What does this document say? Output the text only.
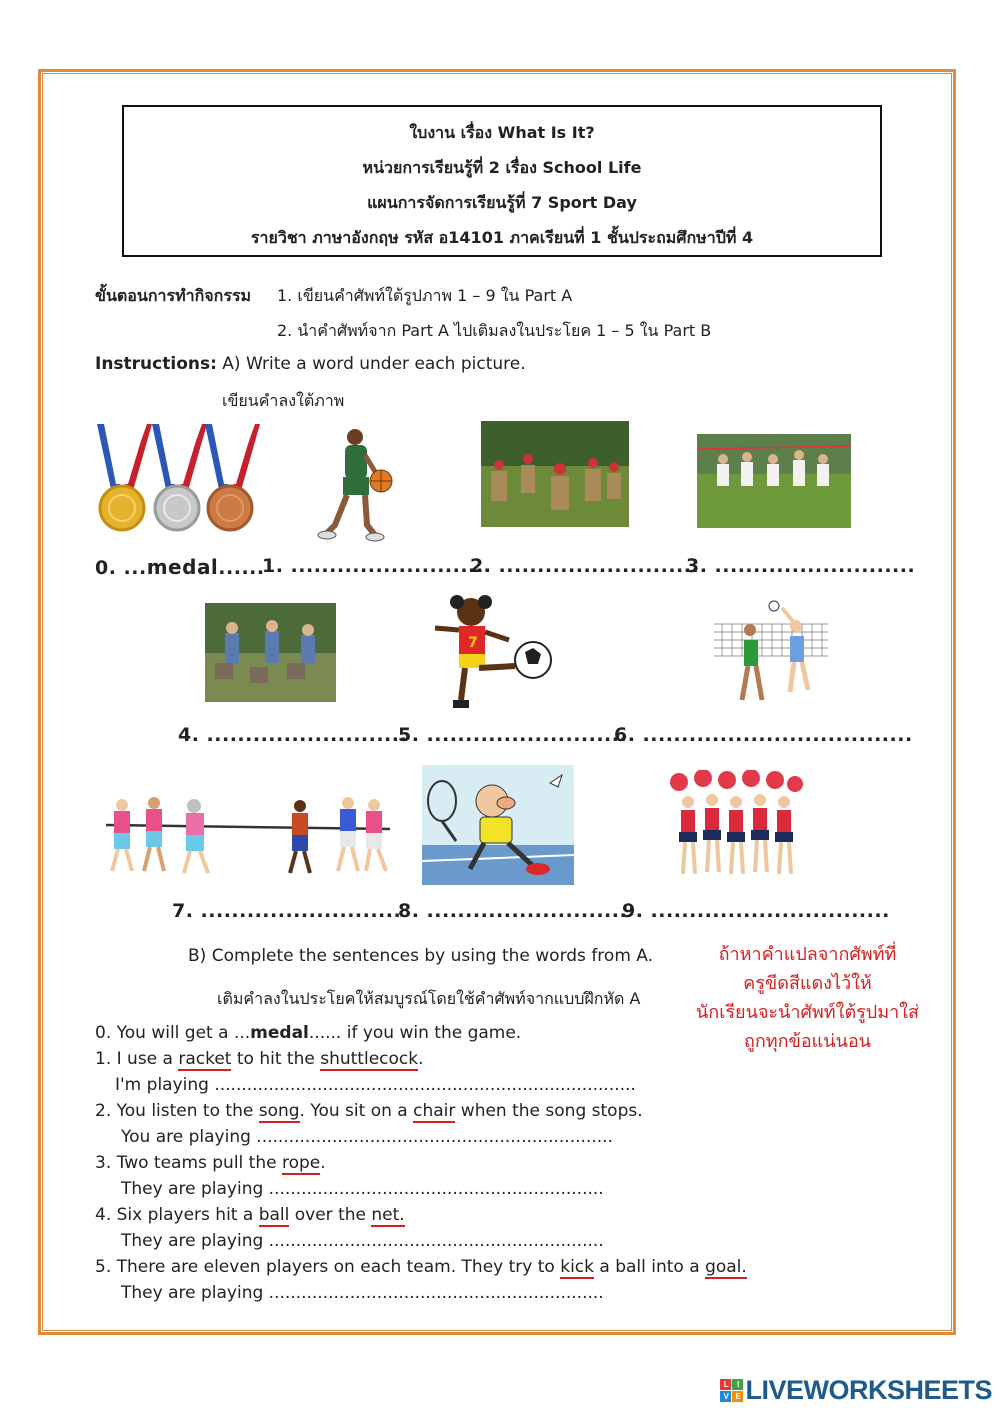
ใบงาน เรื่อง What Is It?
หน่วยการเรียนรู้ที่ 2 เรื่อง School Life
แผนการจัดการเรียนรู้ที่ 7 Sport Day
รายวิชา ภาษาอังกฤษ รหัส อ14101 ภาคเรียนที่ 1 ชั้นประถมศึกษาปีที่ 4
ขั้นตอนการทำกิจกรรม 1. เขียนคำศัพท์ใต้รูปภาพ 1 – 9 ใน Part A
2. นำคำศัพท์จาก Part A ไปเติมลงในประโยค 1 – 5 ใน Part B
Instructions: A) Write a word under each picture.
เขียนคำลงใต้ภาพ
0. ...medal......
1. ..........................
2. ..........................
3. ..........................
7
4. ..........................
5. ..........................
6. ...................................
7. ..........................
8. ..........................
9. ...............................
B) Complete the sentences by using the words from A.
เติมคำลงในประโยคให้สมบูรณ์โดยใช้คำศัพท์จากแบบฝึกหัด A
ถ้าหาคำแปลจากศัพท์ที่
ครูขีดสีแดงไว้ให้
นักเรียนจะนำศัพท์ใต้รูปมาใส่
ถูกทุกข้อแน่นอน
0. You will get a ...medal...... if you win the game.
1. I use a racket to hit the shuttlecock.
I'm playing ..............................................................................
2. You listen to the song. You sit on a chair when the song stops.
You are playing ..................................................................
3. Two teams pull the rope.
They are playing ..............................................................
4. Six players hit a ball over the net.
They are playing ..............................................................
5. There are eleven players on each team. They try to kick a ball into a goal.
They are playing ..............................................................
L	I
V E LIVEWORKSHEETS
